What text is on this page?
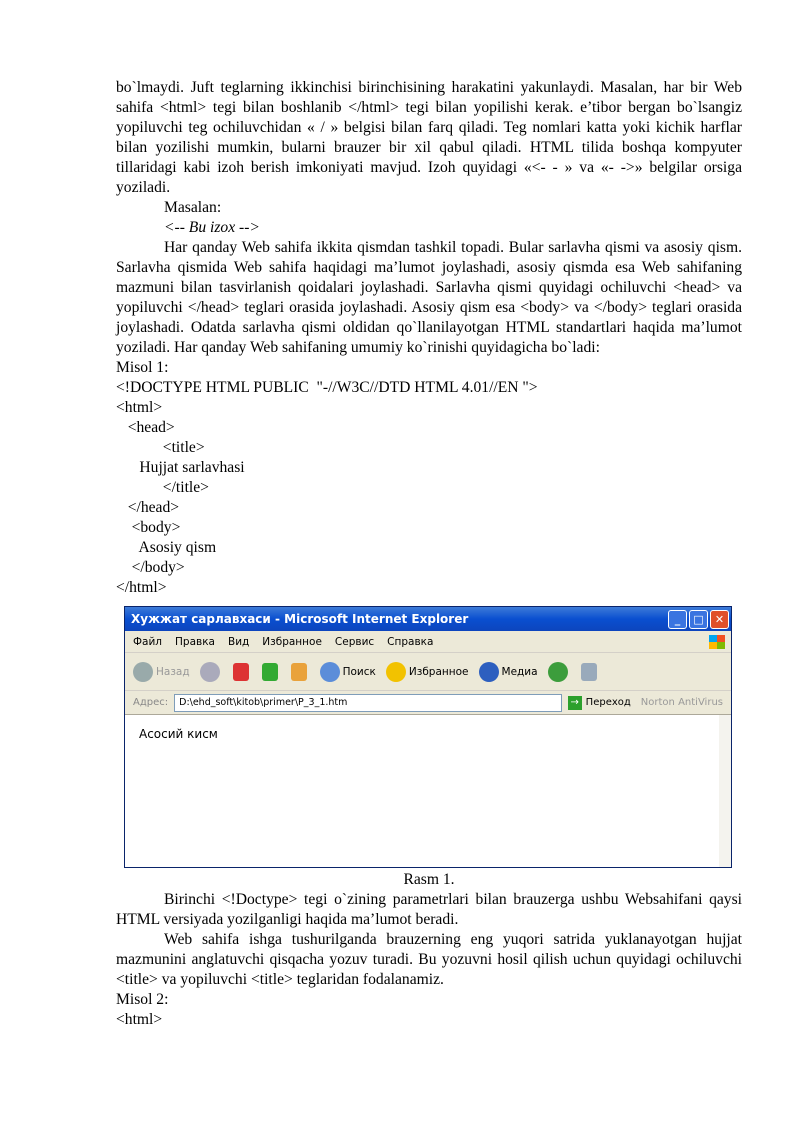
bo`lmaydi. Juft teglarning ikkinchisi birinchisining harakatini yakunlaydi. Masalan, har bir Web sahifa <html> tegi bilan boshlanib </html> tegi bilan yopilishi kerak. e’tibor bergan bo`lsangiz yopiluvchi teg ochiluvchidan « / » belgisi bilan farq qiladi. Teg nomlari katta yoki kichik harflar bilan yozilishi mumkin, bularni brauzer bir xil qabul qiladi. HTML tilida boshqa kompyuter tillaridagi kabi izoh berish imkoniyati mavjud. Izoh quyidagi «<- - » va «- ->» belgilar orsiga yoziladi.

Masalan:

<-- Bu izox -->

Har qanday Web sahifa ikkita qismdan tashkil topadi. Bular sarlavha qismi va asosiy qism. Sarlavha qismida Web sahifa haqidagi ma’lumot joylashadi, asosiy qismda esa Web sahifaning mazmuni bilan tasvirlanish qoidalari joylashadi. Sarlavha qismi quyidagi ochiluvchi <head> va yopiluvchi </head> teglari orasida joylashadi. Asosiy qism esa <body> va </body> teglari orasida joylashadi. Odatda sarlavha qismi oldidan qo`llanilayotgan HTML standartlari haqida ma’lumot yoziladi. Har qanday Web sahifaning umumiy ko`rinishi quyidagicha bo`ladi:

Misol 1:

<!DOCTYPE HTML PUBLIC  "-//W3C//DTD HTML 4.01//EN ">
<html>
<head>
<title>
Hujjat sarlavhasi
</title>
</head>
<body>
Asosiy qism
</body>
</html>
Хужжат сарлавхаси - Microsoft Internet Explorer	_	□	✕
Файл Правка Вид Избранное Сервис Справка
Назад	Поиск	Избранное	Медиа
Адрес:	D:\ehd_soft\kitob\primer\P_3_1.htm	→ Переход Norton AntiVirus
Асосий кисм

Rasm 1.

Birinchi <!Doctype> tegi o`zining parametrlari bilan brauzerga ushbu Websahifani qaysi HTML versiyada yozilganligi haqida ma’lumot beradi.

Web sahifa ishga tushurilganda brauzerning eng yuqori satrida yuklanayotgan hujjat mazmunini anglatuvchi qisqacha yozuv turadi. Bu yozuvni hosil qilish uchun quyidagi ochiluvchi <title> va yopiluvchi <title> teglaridan fodalanamiz.

Misol 2:

<html>
